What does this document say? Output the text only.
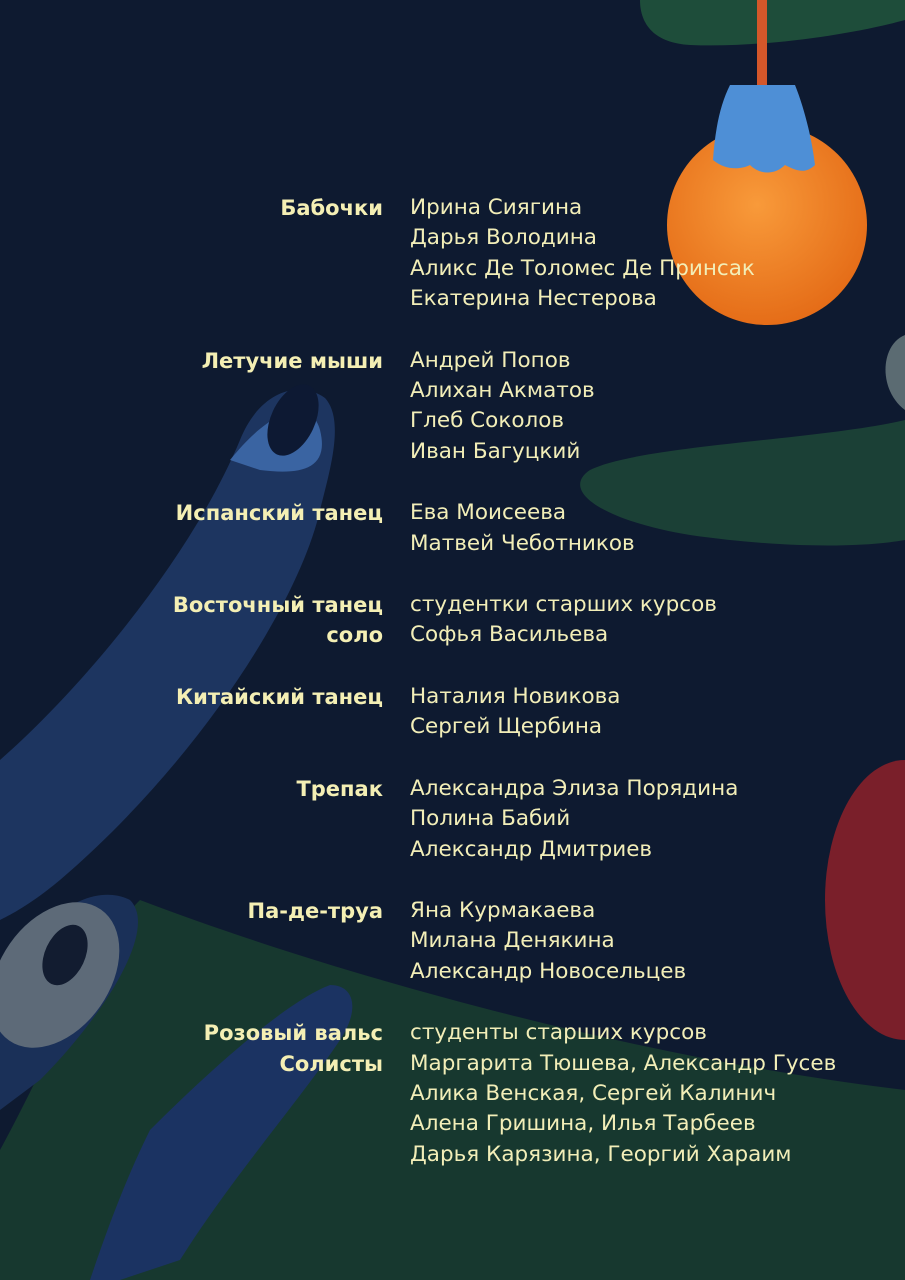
Бабочки Ирина Сиягина
Дарья Володина
Аликс Де Толомес Де Принсак
Екатерина Нестерова
Летучие мыши Андрей Попов
Алихан Акматов
Глеб Соколов
Иван Багуцкий
Испанский танец Ева Моисеева
Матвей Чеботников
Восточный танец
соло
студентки старших курсов
Софья Васильева
Китайский танец Наталия Новикова
Сергей Щербина
Трепак Александра Элиза Порядина
Полина Бабий
Александр Дмитриев
Па-де-труа Яна Курмакаева
Милана Денякина
Александр Новосельцев
Розовый вальс
Солисты
студенты старших курсов
Маргарита Тюшева, Александр Гусев
Алика Венская, Сергей Калинич
Алена Гришина, Илья Тарбеев
Дарья Карязина, Георгий Хараим
